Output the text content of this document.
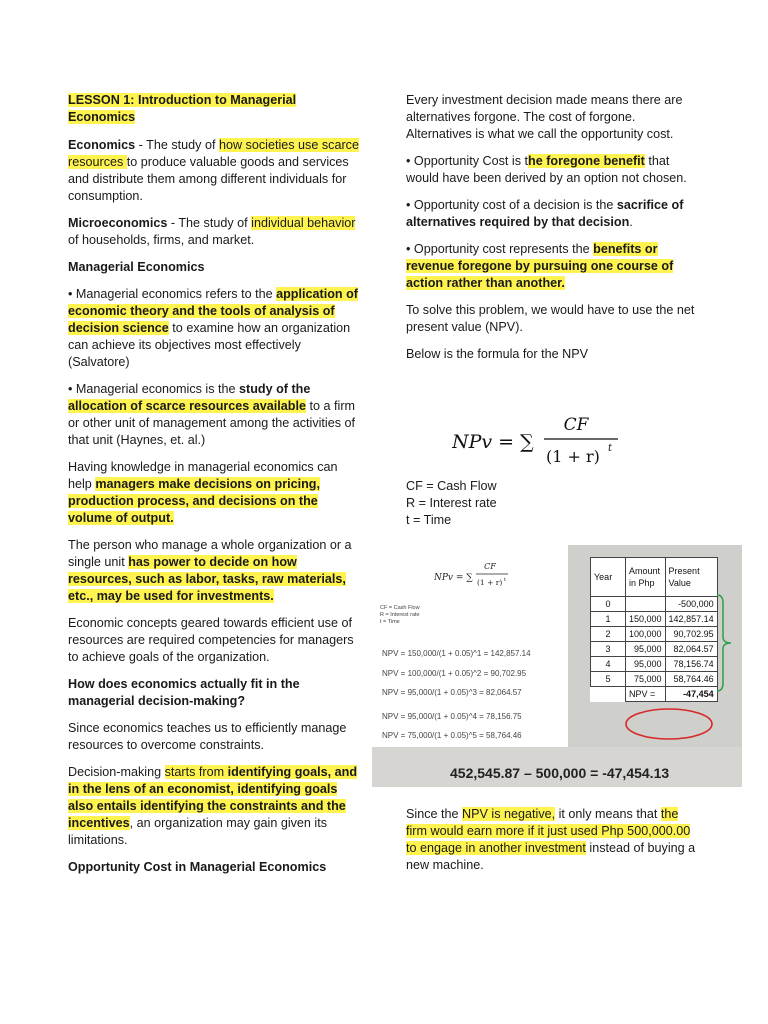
LESSON 1: Introduction to Managerial Economics

Economics - The study of how societies use scarce resources to produce valuable goods and services and distribute them among different individuals for consumption.

Microeconomics - The study of individual behavior of households, firms, and market.

Managerial Economics

• Managerial economics refers to the application of economic theory and the tools of analysis of decision science to examine how an organization can achieve its objectives most effectively (Salvatore)

• Managerial economics is the study of the allocation of scarce resources available to a firm or other unit of management among the activities of that unit (Haynes, et. al.)

Having knowledge in managerial economics can help managers make decisions on pricing, production process, and decisions on the volume of output.

The person who manage a whole organization or a single unit has power to decide on how resources, such as labor, tasks, raw materials, etc., may be used for investments.

Economic concepts geared towards efficient use of resources are required competencies for managers to achieve goals of the organization.

How does economics actually fit in the managerial decision-making?

Since economics teaches us to efficiently manage resources to overcome constraints.

Decision-making starts from identifying goals, and in the lens of an economist, identifying goals also entails identifying the constraints and the incentives, an organization may gain given its limitations.

Opportunity Cost in Managerial Economics

Every investment decision made means there are alternatives forgone. The cost of forgone. Alternatives is what we call the opportunity cost.

• Opportunity Cost is the foregone benefit that would have been derived by an option not chosen.

• Opportunity cost of a decision is the sacrifice of alternatives required by that decision.

• Opportunity cost represents the benefits or revenue foregone by pursuing one course of action rather than another.

To solve this problem, we would have to use the net present value (NPV).

Below is the formula for the NPV

NPv = ∑
CF
(1 + r) t
CF = Cash Flow
R = Interest rate
t = Time
NPv = ∑
CF
(1 + r) t
CF = Cash Flow
R = Interest rate
t = Time
NPV = 150,000/(1 + 0.05)^1 = 142,857.14
NPV = 100,000/(1 + 0.05)^2 = 90,702.95
NPV = 95,000/(1 + 0.05)^3 = 82,064.57
NPV = 95,000/(1 + 0.05)^4 = 78,156.75
NPV = 75,000/(1 + 0.05)^5 = 58,764.46
Year	Amount in Php	Present Value
0		-500,000
1	150,000	142,857.14
2	100,000	90,702.95
3	95,000	82,064.57
4	95,000	78,156.74
5	75,000	58,764.46
	NPV =	-47,454
452,545.87 – 500,000 = -47,454.13

Since the NPV is negative, it only means that the firm would earn more if it just used Php 500,000.00 to engage in another investment instead of buying a new machine.
